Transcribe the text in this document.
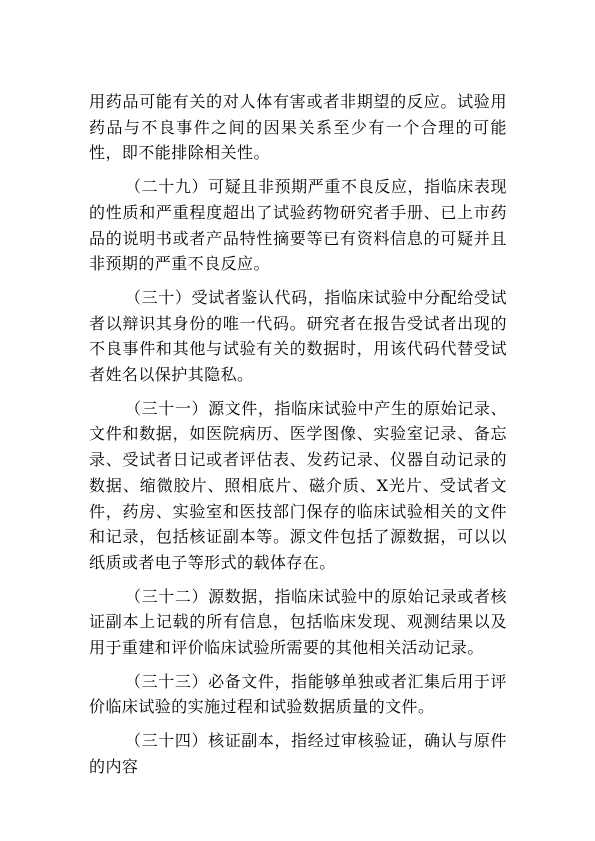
用药品可能有关的对人体有害或者非期望的反应。试验用药品与不良事件之间的因果关系至少有一个合理的可能性，即不能排除相关性。

（二十九）可疑且非预期严重不良反应，指临床表现的性质和严重程度超出了试验药物研究者手册、已上市药品的说明书或者产品特性摘要等已有资料信息的可疑并且非预期的严重不良反应。

（三十）受试者鉴认代码，指临床试验中分配给受试者以辩识其身份的唯一代码。研究者在报告受试者出现的不良事件和其他与试验有关的数据时，用该代码代替受试者姓名以保护其隐私。

（三十一）源文件，指临床试验中产生的原始记录、文件和数据，如医院病历、医学图像、实验室记录、备忘录、受试者日记或者评估表、发药记录、仪器自动记录的数据、缩微胶片、照相底片、磁介质、X光片、受试者文件，药房、实验室和医技部门保存的临床试验相关的文件和记录，包括核证副本等。源文件包括了源数据，可以以纸质或者电子等形式的载体存在。

（三十二）源数据，指临床试验中的原始记录或者核证副本上记载的所有信息，包括临床发现、观测结果以及用于重建和评价临床试验所需要的其他相关活动记录。

（三十三）必备文件，指能够单独或者汇集后用于评价临床试验的实施过程和试验数据质量的文件。

（三十四）核证副本，指经过审核验证，确认与原件的内容
